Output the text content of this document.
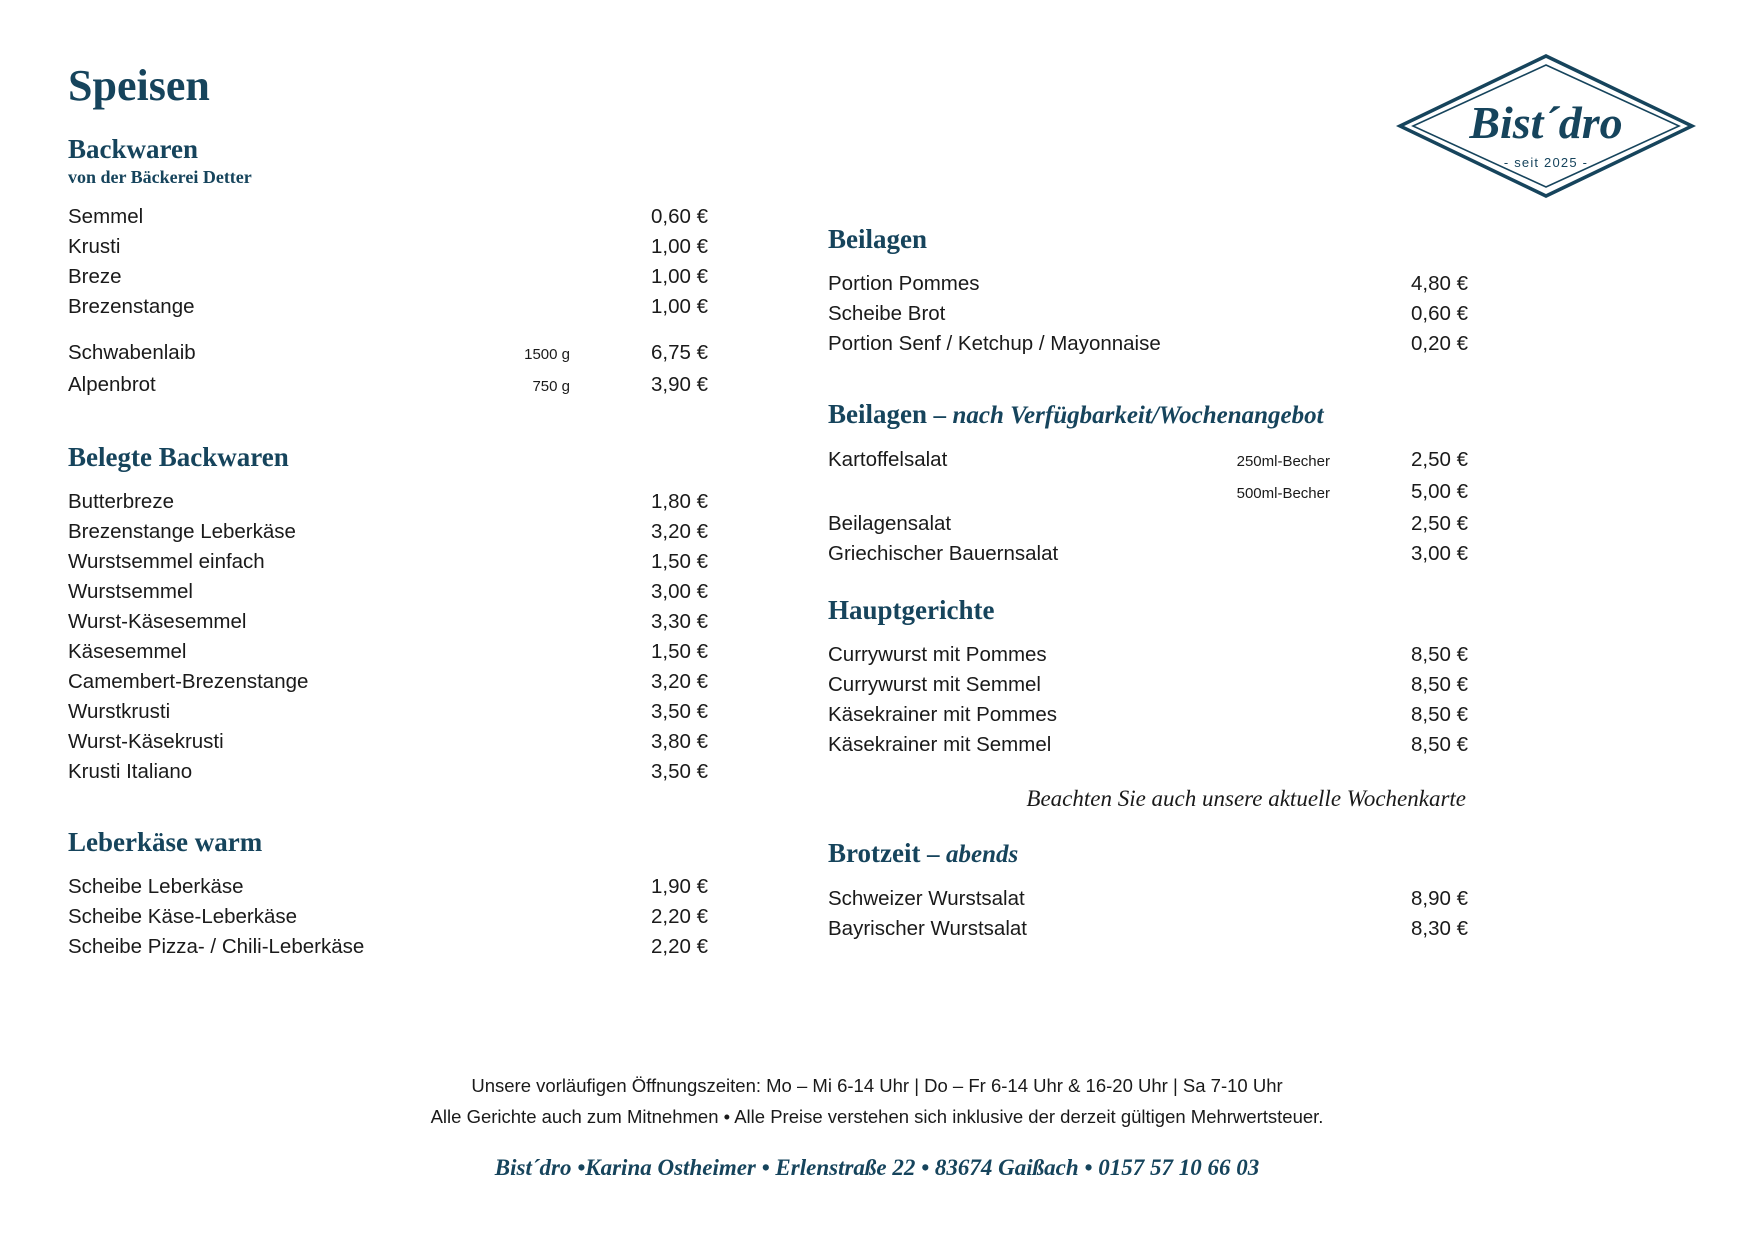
Bist´dro
- seit 2025 -
Speisen
Backwaren
von der Bäckerei Detter
Semmel	0,60 €
Krusti	1,00 €
Breze	1,00 €
Brezenstange	1,00 €
Schwabenlaib	1500 g	6,75 €
Alpenbrot	750 g	3,90 €
Belegte Backwaren
Butterbreze	1,80 €
Brezenstange Leberkäse	3,20 €
Wurstsemmel einfach	1,50 €
Wurstsemmel	3,00 €
Wurst-Käsesemmel	3,30 €
Käsesemmel	1,50 €
Camembert-Brezenstange	3,20 €
Wurstkrusti	3,50 €
Wurst-Käsekrusti	3,80 €
Krusti Italiano	3,50 €
Leberkäse warm
Scheibe Leberkäse	1,90 €
Scheibe Käse-Leberkäse	2,20 €
Scheibe Pizza- / Chili-Leberkäse	2,20 €
Beilagen
Portion Pommes	4,80 €
Scheibe Brot	0,60 €
Portion Senf / Ketchup / Mayonnaise	0,20 €
Beilagen – nach Verfügbarkeit/Wochenangebot
Kartoffelsalat	250ml-Becher	2,50 €
500ml-Becher	5,00 €
Beilagensalat	2,50 €
Griechischer Bauernsalat	3,00 €
Hauptgerichte
Currywurst mit Pommes	8,50 €
Currywurst mit Semmel	8,50 €
Käsekrainer mit Pommes	8,50 €
Käsekrainer mit Semmel	8,50 €
Beachten Sie auch unsere aktuelle Wochenkarte
Brotzeit – abends
Schweizer Wurstsalat	8,90 €
Bayrischer Wurstsalat	8,30 €
Unsere vorläufigen Öffnungszeiten: Mo – Mi 6-14 Uhr | Do – Fr 6-14 Uhr & 16-20 Uhr | Sa 7-10 Uhr
Alle Gerichte auch zum Mitnehmen • Alle Preise verstehen sich inklusive der derzeit gültigen Mehrwertsteuer.
Bist´dro •Karina Ostheimer • Erlenstraße 22 • 83674 Gaißach • 0157 57 10 66 03
